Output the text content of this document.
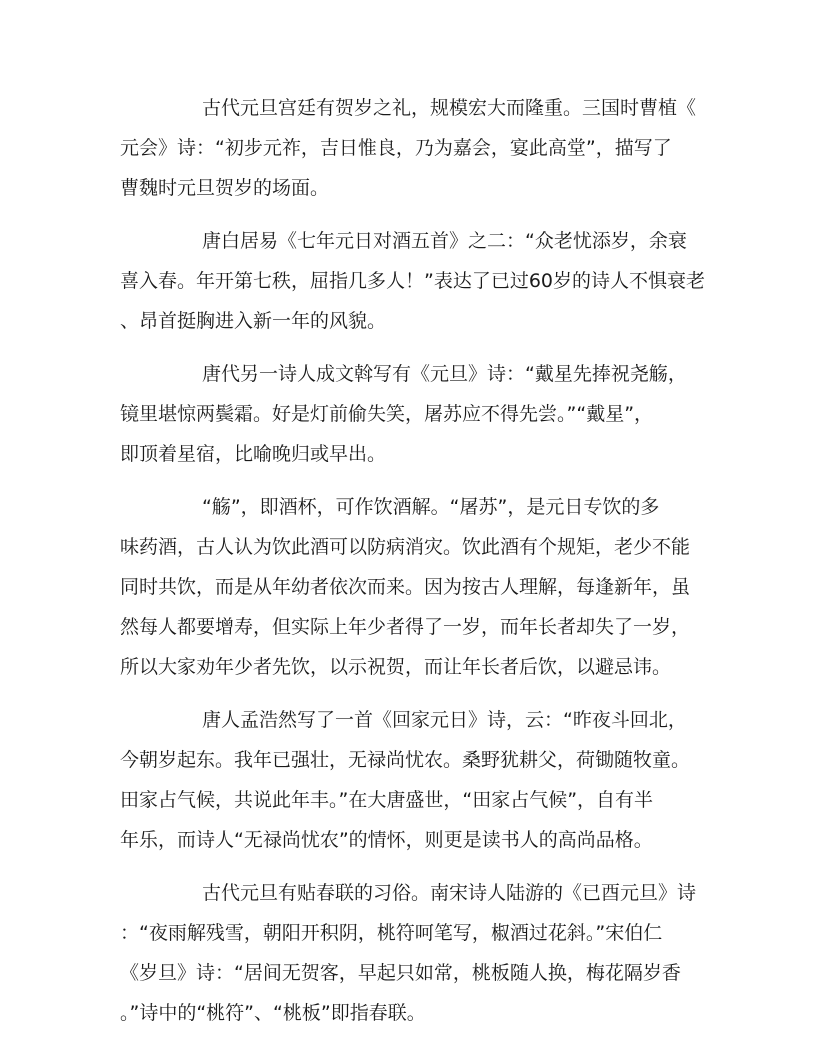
古代元旦宫廷有贺岁之礼，规模宏大而隆重。三国时曹植《
元会》诗：“初步元祚，吉日惟良，乃为嘉会，宴此高堂”，描写了
曹魏时元旦贺岁的场面。

唐白居易《七年元日对酒五首》之二：“众老忧添岁，余衰
喜入春。年开第七秩，屈指几多人！”表达了已过60岁的诗人不惧衰老
、昂首挺胸进入新一年的风貌。

唐代另一诗人成文斡写有《元旦》诗：“戴星先捧祝尧觞，
镜里堪惊两鬓霜。好是灯前偷失笑，屠苏应不得先尝。”“戴星”，
即顶着星宿，比喻晚归或早出。

“觞”，即酒杯，可作饮酒解。“屠苏”，是元日专饮的多
味药酒，古人认为饮此酒可以防病消灾。饮此酒有个规矩，老少不能
同时共饮，而是从年幼者依次而来。因为按古人理解，每逢新年，虽
然每人都要增寿，但实际上年少者得了一岁，而年长者却失了一岁，
所以大家劝年少者先饮，以示祝贺，而让年长者后饮，以避忌讳。

唐人孟浩然写了一首《回家元日》诗，云：“昨夜斗回北，
今朝岁起东。我年已强壮，无禄尚忧农。桑野犹耕父，荷锄随牧童。
田家占气候，共说此年丰。”在大唐盛世，“田家占气候”，自有半
年乐，而诗人“无禄尚忧农”的情怀，则更是读书人的高尚品格。

古代元旦有贴春联的习俗。南宋诗人陆游的《已酉元旦》诗
：“夜雨解残雪，朝阳开积阴，桃符呵笔写，椒酒过花斜。”宋伯仁
《岁旦》诗：“居间无贺客，早起只如常，桃板随人换，梅花隔岁香
。”诗中的“桃符”、“桃板”即指春联。
